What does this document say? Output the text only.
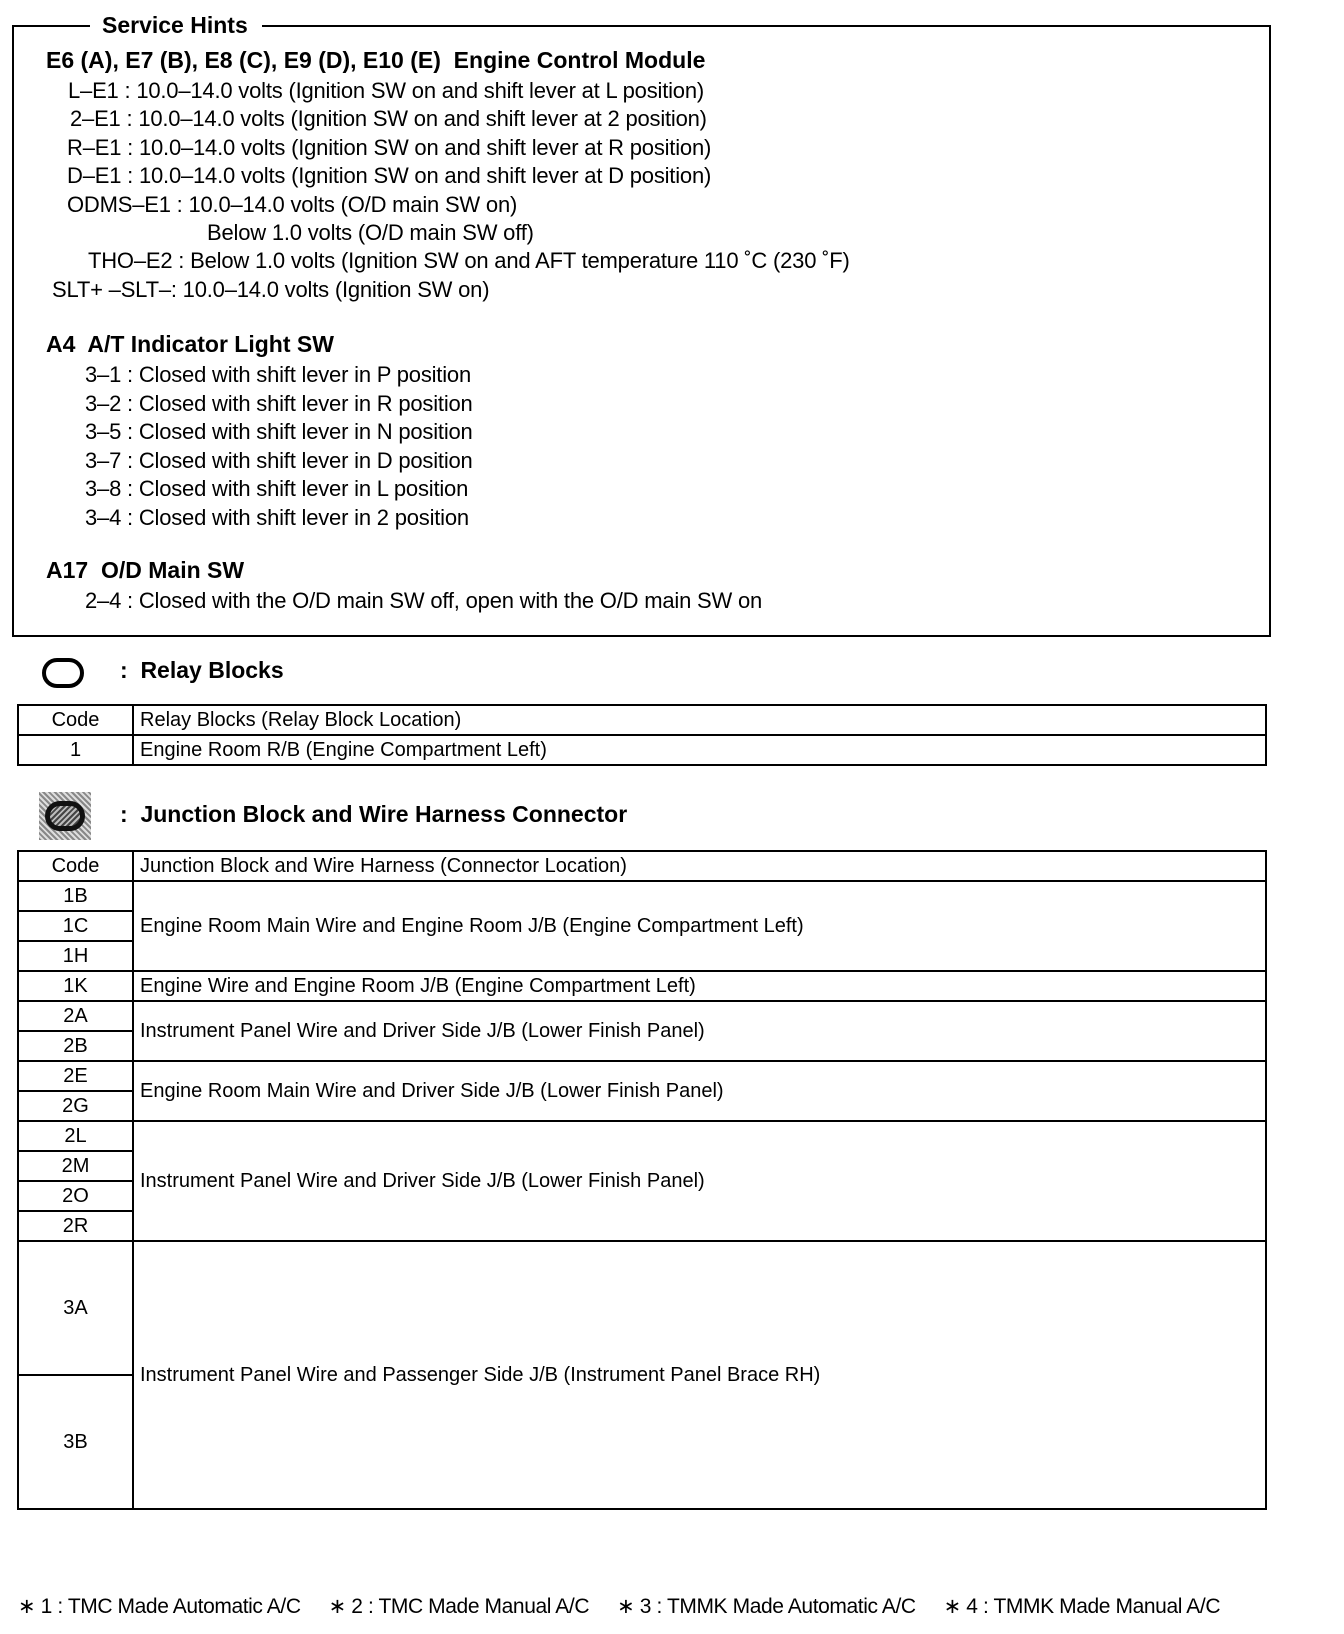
Service Hints
E6 (A), E7 (B), E8 (C), E9 (D), E10 (E)  Engine Control Module
L–E1 : 10.0–14.0 volts (Ignition SW on and shift lever at L position)
2–E1 : 10.0–14.0 volts (Ignition SW on and shift lever at 2 position)
R–E1 : 10.0–14.0 volts (Ignition SW on and shift lever at R position)
D–E1 : 10.0–14.0 volts (Ignition SW on and shift lever at D position)
ODMS–E1 : 10.0–14.0 volts (O/D main SW on)
Below 1.0 volts (O/D main SW off)
THO–E2 : Below 1.0 volts (Ignition SW on and AFT temperature 110 ˚C (230 ˚F)
SLT+ –SLT–: 10.0–14.0 volts (Ignition SW on)
A4  A/T Indicator Light SW
3–1 : Closed with shift lever in P position
3–2 : Closed with shift lever in R position
3–5 : Closed with shift lever in N position
3–7 : Closed with shift lever in D position
3–8 : Closed with shift lever in L position
3–4 : Closed with shift lever in 2 position
A17  O/D Main SW
2–4 : Closed with the O/D main SW off, open with the O/D main SW on
:  Relay Blocks
Code	Relay Blocks (Relay Block Location)
1	Engine Room R/B (Engine Compartment Left)
:  Junction Block and Wire Harness Connector
Code	Junction Block and Wire Harness (Connector Location)
1B	Engine Room Main Wire and Engine Room J/B (Engine Compartment Left)
1C	
1H	
1K	Engine Wire and Engine Room J/B (Engine Compartment Left)
2A	Instrument Panel Wire and Driver Side J/B (Lower Finish Panel)
2B	
2E	Engine Room Main Wire and Driver Side J/B (Lower Finish Panel)
2G	
2L	Instrument Panel Wire and Driver Side J/B (Lower Finish Panel)
2M	
2O	
2R	
3A	Instrument Panel Wire and Passenger Side J/B (Instrument Panel Brace RH)
3B	
∗ 1 : TMC Made Automatic A/C ∗ 2 : TMC Made Manual A/C ∗ 3 : TMMK Made Automatic A/C ∗ 4 : TMMK Made Manual A/C
